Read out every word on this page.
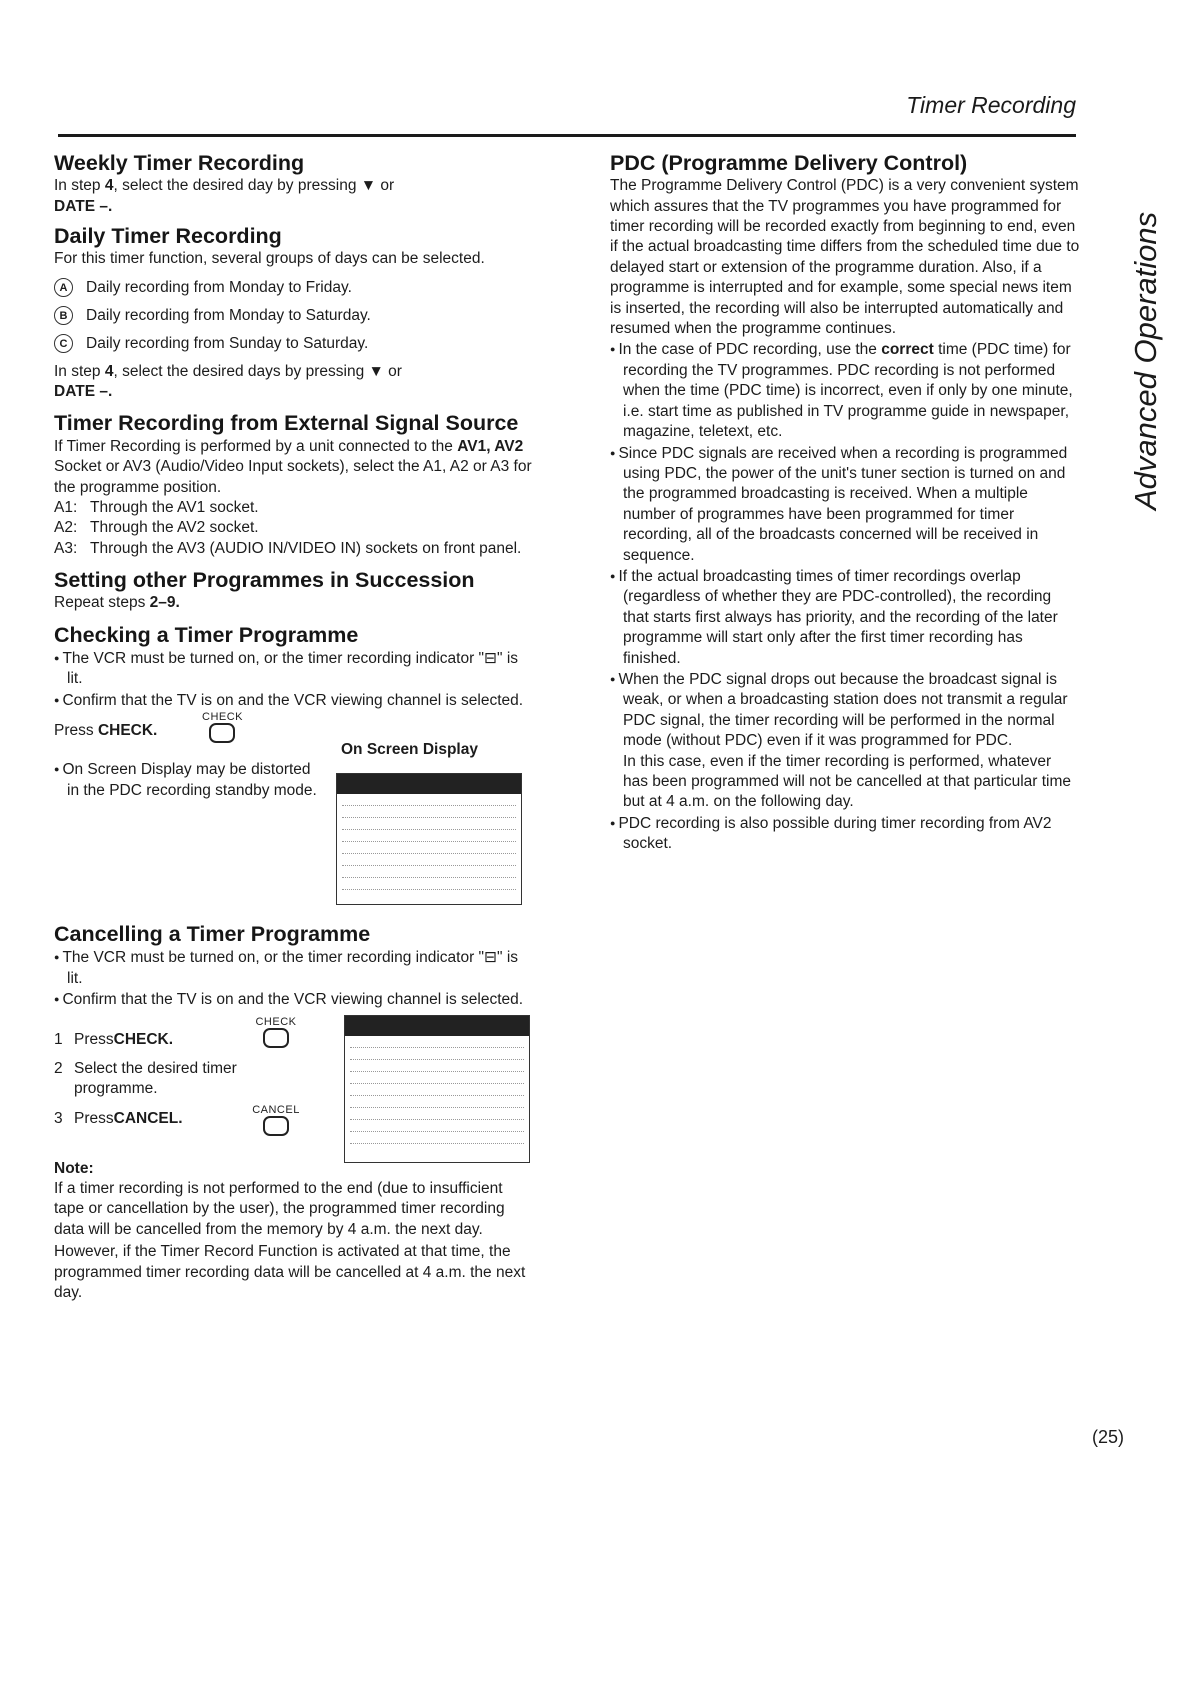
Timer Recording
Weekly Timer Recording

In step 4, select the desired day by pressing ▼ or
DATE –.

Daily Timer Recording

For this timer function, several groups of days can be selected.

A	Daily recording from Monday to Friday.
B	Daily recording from Monday to Saturday.
C	Daily recording from Sunday to Saturday.

In step 4, select the desired days by pressing ▼ or
DATE –.

Timer Recording from External Signal Source

If Timer Recording is performed by a unit connected to the AV1, AV2 Socket or AV3 (Audio/Video Input sockets), select the A1, A2 or A3 for the programme position.

A1: Through the AV1 socket.
A2: Through the AV2 socket.
A3: Through the AV3 (AUDIO IN/VIDEO IN) sockets on front panel.
Setting other Programmes in Succession

Repeat steps 2–9.

Checking a Timer Programme

● The VCR must be turned on, or the timer recording indicator "⊟" is lit.

● Confirm that the TV is on and the VCR viewing channel is selected.

Press CHECK.

CHECK

● On Screen Display may be distorted in the PDC recording standby mode.

On Screen Display
Cancelling a Timer Programme

● The VCR must be turned on, or the timer recording indicator "⊟" is lit.

● Confirm that the TV is on and the VCR viewing channel is selected.

1 Press CHECK.
2 Select the desired timer programme.
3 Press CANCEL.
CHECK
CANCEL

Note:

If a timer recording is not performed to the end (due to insufficient tape or cancellation by the user), the programmed timer recording data will be cancelled from the memory by 4 a.m. the next day.

However, if the Timer Record Function is activated at that time, the programmed timer recording data will be cancelled at 4 a.m. the next day.

PDC (Programme Delivery Control)

The Programme Delivery Control (PDC) is a very convenient system which assures that the TV programmes you have programmed for timer recording will be recorded exactly from beginning to end, even if the actual broadcasting time differs from the scheduled time due to delayed start or extension of the programme duration. Also, if a programme is interrupted and for example, some special news item is inserted, the recording will also be interrupted automatically and resumed when the programme continues.

● In the case of PDC recording, use the correct time (PDC time) for recording the TV programmes. PDC recording is not performed when the time (PDC time) is incorrect, even if only by one minute, i.e. start time as published in TV programme guide in newspaper, magazine, teletext, etc.

● Since PDC signals are received when a recording is programmed using PDC, the power of the unit's tuner section is turned on and the programmed broadcasting is received. When a multiple number of programmes have been programmed for timer recording, all of the broadcasts concerned will be received in sequence.

● If the actual broadcasting times of timer recordings overlap (regardless of whether they are PDC-controlled), the recording that starts first always has priority, and the recording of the later programme will start only after the first timer recording has finished.

● When the PDC signal drops out because the broadcast signal is weak, or when a broadcasting station does not transmit a regular PDC signal, the timer recording will be performed in the normal mode (without PDC) even if it was programmed for PDC.

In this case, even if the timer recording is performed, whatever has been programmed will not be cancelled at that particular time but at 4 a.m. on the following day.

● PDC recording is also possible during timer recording from AV2 socket.

Advanced Operations
(25)
